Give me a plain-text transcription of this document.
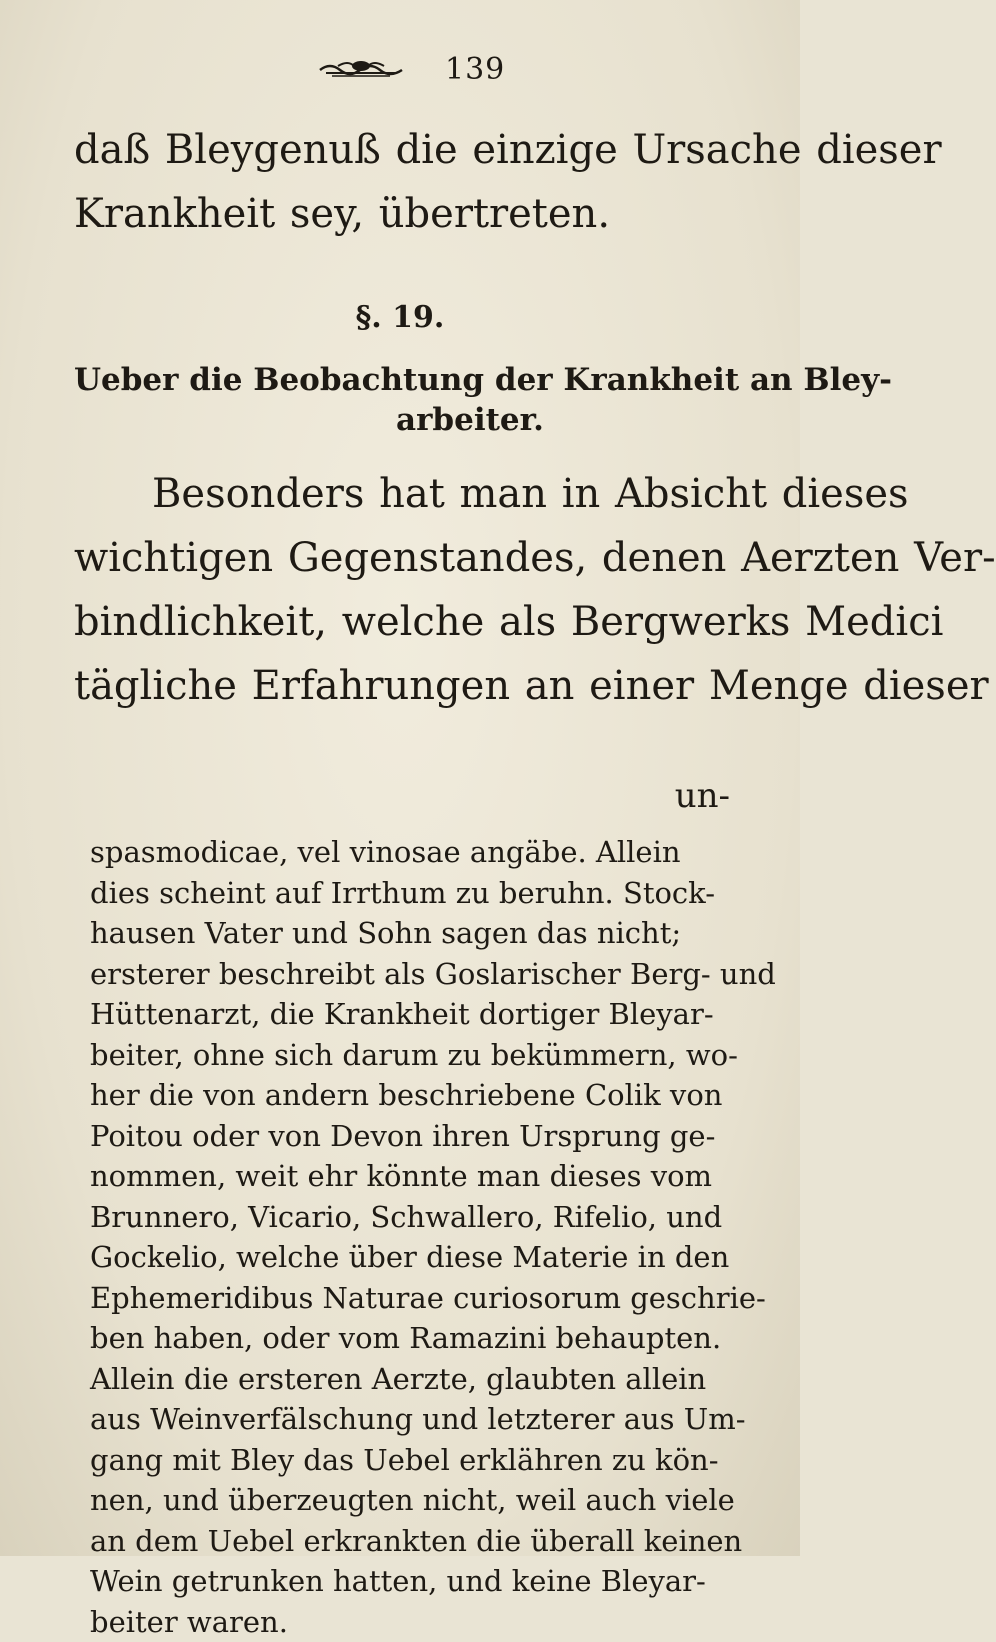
139
daß Bleygenuß die einzige Ursache dieser
Krankheit sey, übertreten.
§. 19.
Ueber die Beobachtung der Krankheit an Bley-
arbeiter.
Besonders hat man in Absicht dieses
wichtigen Gegenstandes, denen Aerzten Ver-
bindlichkeit, welche als Bergwerks Medici
tägliche Erfahrungen an einer Menge dieser
un-
spasmodicae, vel vinosae angäbe. Allein
dies scheint auf Irrthum zu beruhn. Stock-
hausen Vater und Sohn sagen das nicht;
ersterer beschreibt als Goslarischer Berg- und
Hüttenarzt, die Krankheit dortiger Bleyar-
beiter, ohne sich darum zu bekümmern, wo-
her die von andern beschriebene Colik von
Poitou oder von Devon ihren Ursprung ge-
nommen, weit ehr könnte man dieses vom
Brunnero, Vicario, Schwallero, Rifelio, und
Gockelio, welche über diese Materie in den
Ephemeridibus Naturae curiosorum geschrie-
ben haben, oder vom Ramazini behaupten.
Allein die ersteren Aerzte, glaubten allein
aus Weinverfälschung und letzterer aus Um-
gang mit Bley das Uebel erklähren zu kön-
nen, und überzeugten nicht, weil auch viele
an dem Uebel erkrankten die überall keinen
Wein getrunken hatten, und keine Bleyar-
beiter waren.
